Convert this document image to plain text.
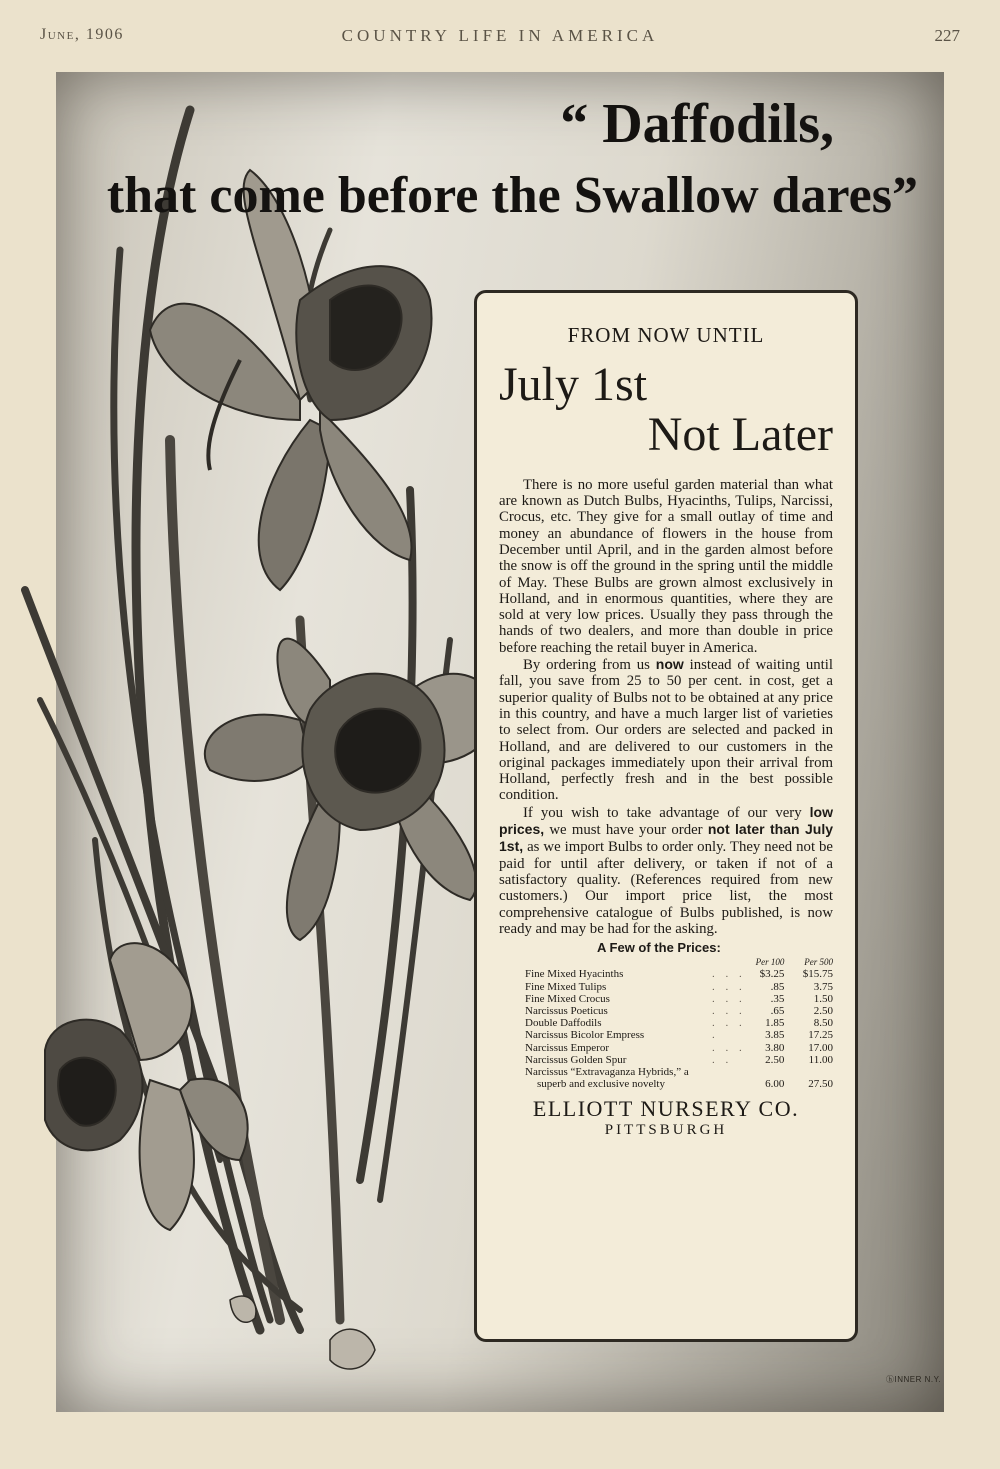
June, 1906	COUNTRY LIFE IN AMERICA	227
“ Daffodils,
that come before the Swallow dares”

FROM NOW UNTIL

July 1st

Not Later

There is no more useful garden material than what are known as Dutch Bulbs, Hyacinths, Tulips, Narcissi, Crocus, etc. They give for a small outlay of time and money an abundance of flowers in the house from December until April, and in the garden almost before the snow is off the ground in the spring until the middle of May. These Bulbs are grown almost exclusively in Holland, and in enormous quantities, where they are sold at very low prices. Usually they pass through the hands of two dealers, and more than double in price before reaching the retail buyer in America.

By ordering from us now instead of waiting until fall, you save from 25 to 50 per cent. in cost, get a superior quality of Bulbs not to be obtained at any price in this country, and have a much larger list of varieties to select from. Our orders are selected and packed in Holland, and are delivered to our customers in the original packages immediately upon their arrival from Holland, perfectly fresh and in the best possible condition.

If you wish to take advantage of our very low prices, we must have your order not later than July 1st, as we import Bulbs to order only. They need not be paid for until after delivery, or taken if not of a satisfactory quality. (References required from new customers.) Our import price list, the most comprehensive catalogue of Bulbs published, is now ready and may be had for the asking.

A Few of the Prices:

		Per 100	Per 500
Fine Mixed Hyacinths	. . .	$3.25	$15.75
Fine Mixed Tulips	. . .	.85	3.75
Fine Mixed Crocus	. . .	.35	1.50
Narcissus Poeticus	. . .	.65	2.50
Double Daffodils	. . .	1.85	8.50
Narcissus Bicolor Empress	.	3.85	17.25
Narcissus Emperor	. . .	3.80	17.00
Narcissus Golden Spur	. .	2.50	11.00
Narcissus “Extravaganza Hybrids,” a			
superb and exclusive novelty		6.00	27.50

ELLIOTT NURSERY CO.

PITTSBURGH

ⓗINNER N.Y.
